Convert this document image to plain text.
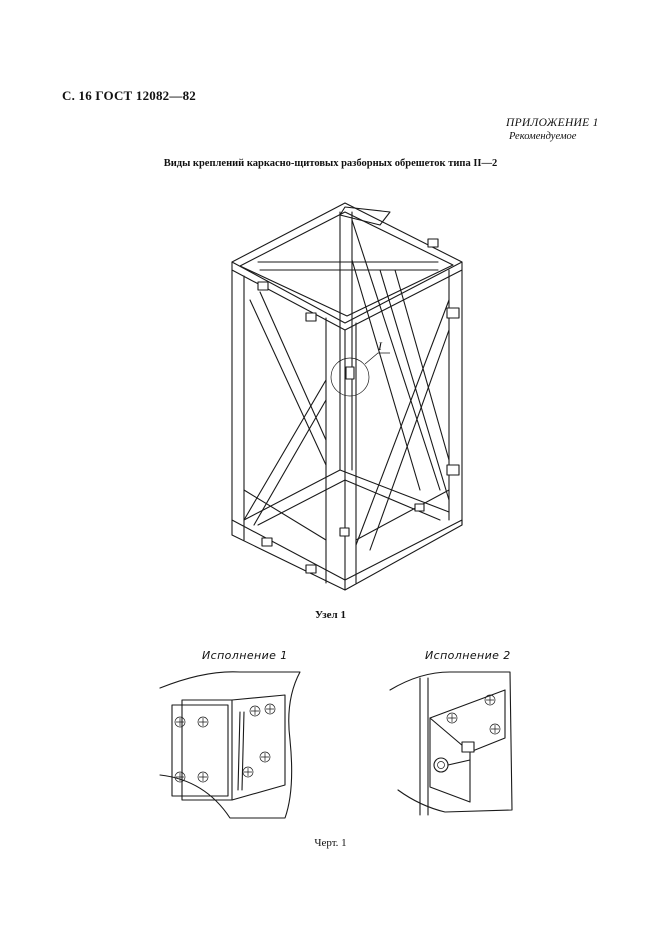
С. 16 ГОСТ 12082—82
ПРИЛОЖЕНИЕ 1
Рекомендуемое
Виды креплений каркасно-щитовых разборных обрешеток типа II—2
I
Узел 1
Исполнение 1	Исполнение 2
Черт. 1
